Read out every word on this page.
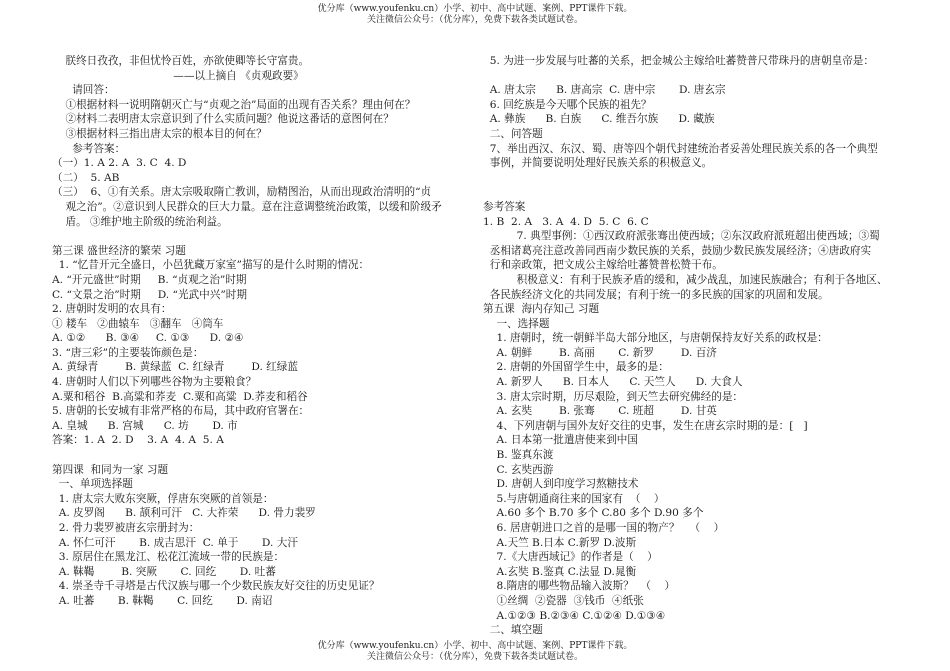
优分库（www.youfenku.cn）小学、初中、高中试题、案例、PPT课件下载。
关注微信公众号：（优分库），免费下载各类试题试卷。
朕终日孜孜，非但忧怜百姓，亦欲使卿等长守富贵。
——以上摘自 《贞观政要》
请回答：
①根据材料一说明隋朝灭亡与“贞观之治”局面的出现有否关系？理由何在？
②材料二表明唐太宗意识到了什么实质问题？他说这番话的意图何在？
③根据材料三指出唐太宗的根本目的何在？
参考答案：
（一）1. A 2. A  3. C  4. D
（二）  5. AB
（三）  6、①有关系。唐太宗吸取隋亡教训，励精图治，从而出现政治清明的“贞
观之治”。②意识到人民群众的巨大力量。意在注意调整统治政策，以缓和阶级矛
盾。 ③维护地主阶级的统治利益。
第三课 盛世经济的繁荣 习题
1. “忆昔开元全盛日，小邑犹藏万家室”描写的是什么时期的情况：
A. “开元盛世”时期     B. “贞观之治”时期
C. “文景之治”时期     D. “光武中兴”时期
2. 唐朝时发明的农具有：
① 耧车   ②曲辕车   ③翻车   ④筒车
A. ①②      B. ③④     C. ①③      D. ②④
3. “唐三彩”的主要装饰颜色是：
A. 黄绿青        B. 黄绿蓝  C. 红绿青        D. 红绿蓝
4. 唐朝时人们以下列哪些谷物为主要粮食？
A.粟和稻谷  B.高粱和荞麦  C.粟和高粱  D.荞麦和稻谷
5. 唐朝的长安城有非常严格的布局，其中政府官署在：
A. 皇城      B. 宫城      C. 坊       D. 市
答案：1. A  2. D    3. A  4. A  5. A
第四课  和同为一家 习题
一、单项选择题
1. 唐太宗大败东突厥，俘唐东突厥的首领是：
A. 皮罗阁      B. 颉利可汗   C. 大祚荣      D. 骨力裴罗
2. 骨力裴罗被唐玄宗册封为：
A. 怀仁可汗       B. 成吉思汗  C. 单于       D. 大汗
3. 原居住在黑龙江、松花江流域一带的民族是：
A. 靺鞨        B. 突厥       C. 回纥       D. 吐蕃
4. 崇圣寺千寻塔是古代汉族与哪一个少数民族友好交往的历史见证？
A. 吐蕃       B. 靺鞨       C. 回纥       D. 南诏
5. 为进一步发展与吐蕃的关系，把金城公主嫁给吐蕃赞普尺带珠丹的唐朝皇帝是：
A. 唐太宗      B. 唐高宗  C. 唐中宗       D. 唐玄宗
6. 回纥族是今天哪个民族的祖先？
A. 彝族      B. 白族      C. 维吾尔族      D. 藏族
二、问答题
7、举出西汉、东汉、蜀、唐等四个朝代封建统治者妥善处理民族关系的各一个典型
事例，并简要说明处理好民族关系的积极意义。
参考答案
1. B  2. A   3. A  4. D  5. C  6. C
7. 典型事例：①西汉政府派张骞出使西域；②东汉政府派班超出使西域；③蜀
丞相诸葛亮注意改善同西南少数民族的关系，鼓励少数民族发展经济；④唐政府实
行和亲政策，把文成公主嫁给吐蕃赞普松赞干布。
积极意义：有利于民族矛盾的缓和，减少战乱，加速民族融合；有利于各地区、
各民族经济文化的共同发展；有利于统一的多民族的国家的巩固和发展。
第五课  海内存知己 习题
一、选择题
1. 唐朝时，统一朝鲜半岛大部分地区，与唐朝保持友好关系的政权是：
A. 朝鲜        B. 高丽       C. 新罗        D. 百济
2. 唐朝的外国留学生中，最多的是：
A. 新罗人      B. 日本人      C. 天竺人      D. 大食人
3. 唐太宗时期，历尽艰险，到天竺去研究佛经的是：
A. 玄奘        B. 张骞       C. 班超        D. 甘英
4、下列唐朝与国外友好交往的史事，发生在唐玄宗时期的是：[   ]
A. 日本第一批遣唐使来到中国
B. 鉴真东渡
C. 玄奘西游
D. 唐朝人到印度学习熬糖技术
5.与唐朝通商往来的国家有  （    ）
A.60 多个 B.70 多个 C.80 多个 D.90 多个
6. 居唐朝进口之首的是哪一国的物产？   （    ）
A.天竺 B.日本 C.新罗 D.波斯
7.《大唐西域记》的作者是（    ）
A.玄奘 B.鉴真 C.法显 D.晁衡
8.隋唐的哪些物品输入波斯？  （    ）
①丝绸  ②瓷器  ③钱币  ④纸张
A.①②③ B.②③④ C.①②④ D.①③④
二、填空题
优分库（www.youfenku.cn）小学、初中、高中试题、案例、PPT课件下载。
关注微信公众号：（优分库），免费下载各类试题试卷。
